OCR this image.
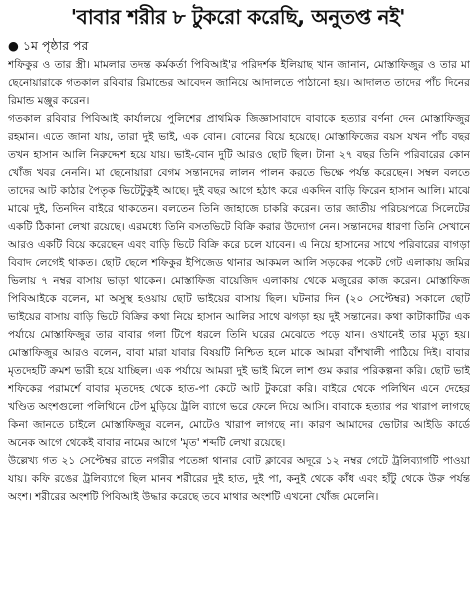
'বাবার শরীর ৮ টুকরো করেছি, অনুতপ্ত নই'
● ১ম পৃষ্ঠার পর

শফিকুর ও তার স্ত্রী। মামলার তদন্ত কর্মকর্তা পিবিআই'র পরিদর্শক ইলিয়াছ খান জানান, মোস্তাফিজুর ও তার মা ছেনোয়ারাকে গতকাল রবিবার রিমান্ডের আবেদন জানিয়ে আদালতে পাঠানো হয়। আদালত তাদের পাঁচ দিনের রিমান্ড মঞ্জুর করেন।

গতকাল রবিবার পিবিআই কার্যালয়ে পুলিশের প্রাথমিক জিজ্ঞাসাবাদে বাবাকে হত্যার বর্ণনা দেন মোস্তাফিজুর রহমান। এতে জানা যায়, তারা দুই ভাই, এক বোন। বোনের বিয়ে হয়েছে। মোস্তাফিজের বয়স যখন পাঁচ বছর তখন হাসান আলি নিরুদ্দেশ হয়ে যায়। ভাই-বোন দুটি আরও ছোট ছিল। টানা ২৭ বছর তিনি পরিবারের কোন খোঁজ খবর নেননি। মা ছেনোয়ারা বেগম সন্তানদের লালন পালন করতে ভিক্ষে পর্যন্ত করেছেন। সম্বল বলতে তাদের আট কাঠার পৈতৃক ভিটেটুকুই আছে। দুই বছর আগে হঠাৎ করে একদিন বাড়ি ফিরেন হাসান আলি। মাঝে মাঝে দুই, তিনদিন বাইরে থাকতেন। বলতেন তিনি জাহাজে চাকরি করেন। তার জাতীয় পরিচয়পত্রে সিলেটের একটি ঠিকানা লেখা রয়েছে। এরমধ্যে তিনি বসতভিটে বিক্রি করার উদ্যোগ নেন। সন্তানদের ধারণা তিনি সেখানে আরও একটি বিয়ে করেছেন এবং বাড়ি ভিটে বিক্রি করে চলে যাবেন। এ নিয়ে হাসানের সাথে পরিবারের বাগড়া বিবাদ লেগেই থাকত। ছোট ছেলে শফিকুর ইপিজেড থানার আকমল আলি সড়কের পকেট গেট এলাকায় জমির ভিলায় ৭ নম্বর বাসায় ভাড়া থাকেন। মোস্তাফিজ বায়েজিদ এলাকায় থেকে মজুরের কাজ করেন। মোস্তাফিজ পিবিআইকে বলেন, মা অসুস্থ হওয়ায় ছোট ভাইয়ের বাসায় ছিল। ঘটনার দিন (২০ সেপ্টেম্বর) সকালে ছোট ভাইয়ের বাসায় বাড়ি ভিটে বিক্রির কথা নিয়ে হাসান আলির সাথে ঝগড়া হয় দুই সন্তানের। কথা কাটাকাটির এক পর্যায়ে মোস্তাফিজুর তার বাবার গলা টিপে ধরলে তিনি ঘরের মেঝেতে পড়ে যান। ওখানেই তার মৃত্যু হয়। মোস্তাফিজুর আরও বলেন, বাবা মারা যাবার বিষয়টি নিশ্চিত হলে মাকে আমরা বাঁশখালী পাঠিয়ে দিই। বাবার মৃতদেহটি ক্রমশ ভারী হয়ে যাচ্ছিল। এক পর্যায়ে আমরা দুই ভাই মিলে লাশ গুম করার পরিকল্পনা করি। ছোট ভাই শফিকের পরামর্শে বাবার মৃতদেহ থেকে হাত-পা কেটে আট টুকরো করি। বাইরে থেকে পলিথিন এনে দেহের খণ্ডিত অংশগুলো পলিথিনে টেপ মুড়িয়ে ট্রলি ব্যাগে ভরে ফেলে দিয়ে আসি। বাবাকে হত্যার পর খারাপ লাগছে কিনা জানতে চাইলে মোস্তাফিজুর বলেন, মোটেও খারাপ লাগছে না। কারণ আমাদের ভোটার আইডি কার্ডে অনেক আগে থেকেই বাবার নামের আগে 'মৃত' শব্দটি লেখা রয়েছে।

উল্লেখ্য গত ২১ সেপ্টেম্বর রাতে নগরীর পতেঙ্গা থানার বোট ক্লাবের অদূরে ১২ নম্বর গেটে ট্রলিব্যাগটি পাওয়া যায়। কফি রঙের ট্রলিব্যাগে ছিল মানব শরীরের দুই হাত, দুই পা, কনুই থেকে কাঁধ এবং হাঁটু থেকে উরু পর্যন্ত অংশ। শরীরের অংশটি পিবিআই উদ্ধার করেছে তবে মাথার অংশটি এখনো খোঁজ মেলেনি।
